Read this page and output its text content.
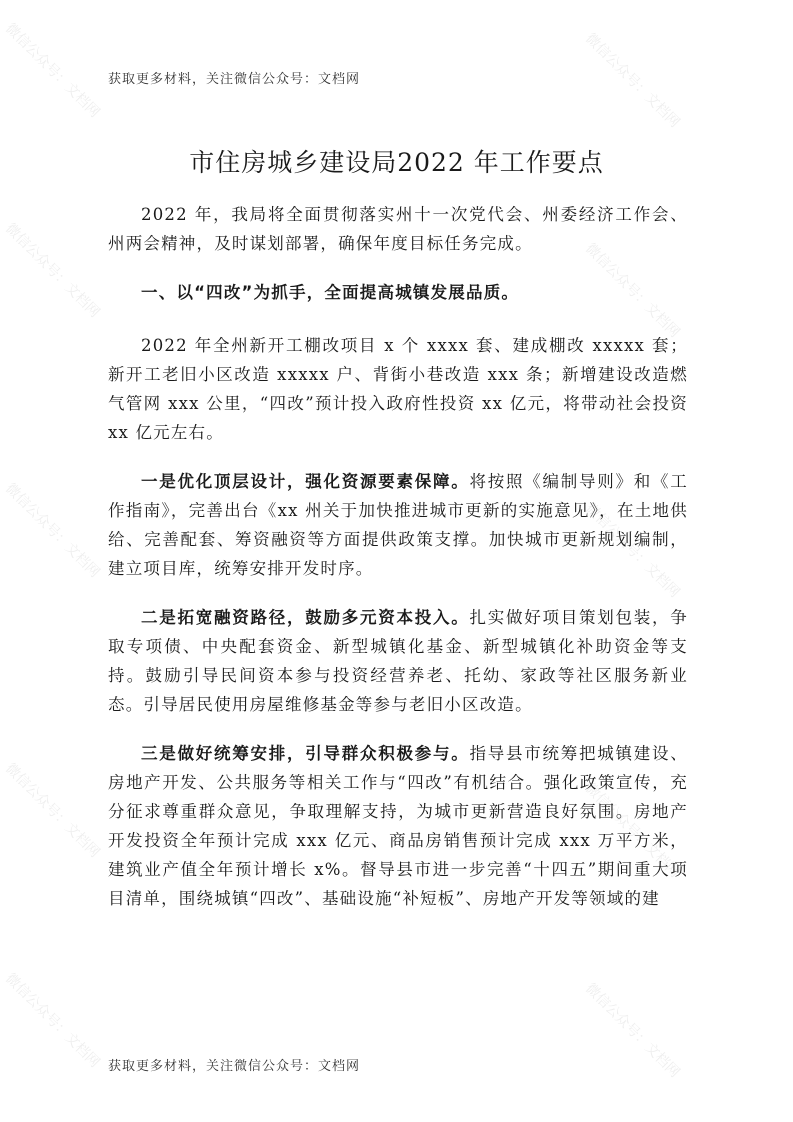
微信公众号：文档网	微信公众号：文档网
微信公众号：文档网	微信公众号：文档网
微信公众号：文档网	微信公众号：文档网
微信公众号：文档网	微信公众号：文档网
微信公众号：文档网	微信公众号：文档网
获取更多材料，关注微信公众号：文档网
市住房城乡建设局2022 年工作要点

2022 年，我局将全面贯彻落实州十一次党代会、州委经济工作会、州两会精神，及时谋划部署，确保年度目标任务完成。

一、以“四改”为抓手，全面提高城镇发展品质。

2022 年全州新开工棚改项目 x 个 xxxx 套、建成棚改 xxxxx 套；新开工老旧小区改造 xxxxx 户、背街小巷改造 xxx 条；新增建设改造燃气管网 xxx 公里，“四改”预计投入政府性投资 xx 亿元，将带动社会投资 xx 亿元左右。

一是优化顶层设计，强化资源要素保障。将按照《编制导则》和《工作指南》，完善出台《xx 州关于加快推进城市更新的实施意见》，在土地供给、完善配套、筹资融资等方面提供政策支撑。加快城市更新规划编制，建立项目库，统筹安排开发时序。

二是拓宽融资路径，鼓励多元资本投入。扎实做好项目策划包装，争取专项债、中央配套资金、新型城镇化基金、新型城镇化补助资金等支持。鼓励引导民间资本参与投资经营养老、托幼、家政等社区服务新业态。引导居民使用房屋维修基金等参与老旧小区改造。

三是做好统筹安排，引导群众积极参与。指导县市统筹把城镇建设、房地产开发、公共服务等相关工作与“四改”有机结合。强化政策宣传，充分征求尊重群众意见，争取理解支持，为城市更新营造良好氛围。房地产开发投资全年预计完成 xxx 亿元、商品房销售预计完成 xxx 万平方米，建筑业产值全年预计增长 x%。督导县市进一步完善“十四五”期间重大项目清单，围绕城镇“四改”、基础设施“补短板”、房地产开发等领域的建

获取更多材料，关注微信公众号：文档网
